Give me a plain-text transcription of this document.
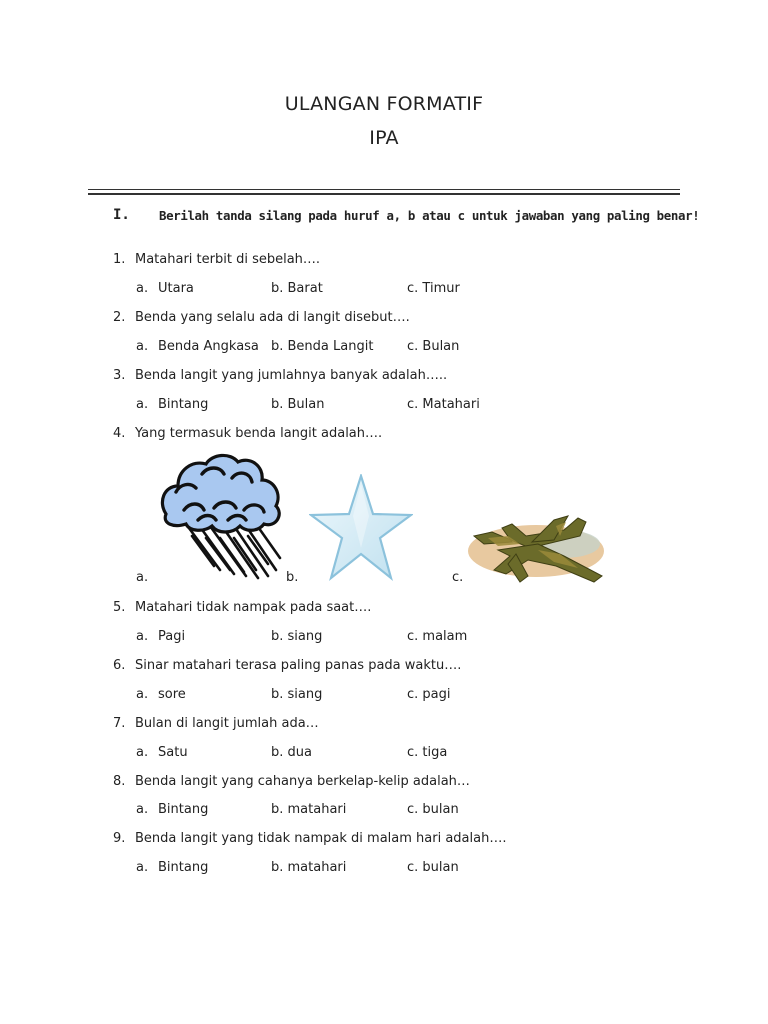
ULANGAN FORMATIF
IPA
I. Berilah tanda silang pada huruf a, b atau c untuk jawaban yang paling benar!
1. Matahari terbit di sebelah….
a. Utara	b. Barat	c. Timur
2. Benda yang selalu ada di langit disebut….
a. Benda Angkasa b. Benda Langit	c. Bulan
3. Benda langit yang jumlahnya banyak adalah…..
a. Bintang	b. Bulan	c. Matahari
4. Yang termasuk benda langit adalah….
a.	b.	c.
5. Matahari tidak nampak pada saat….
a. Pagi	b. siang	c. malam
6. Sinar matahari terasa paling panas pada waktu….
a. sore	b. siang	c. pagi
7. Bulan di langit jumlah ada…
a. Satu	b. dua	c. tiga
8. Benda langit yang cahanya berkelap-kelip adalah…
a. Bintang	b. matahari	c. bulan
9. Benda langit yang tidak nampak di malam hari adalah….
a. Bintang	b. matahari	c. bulan
